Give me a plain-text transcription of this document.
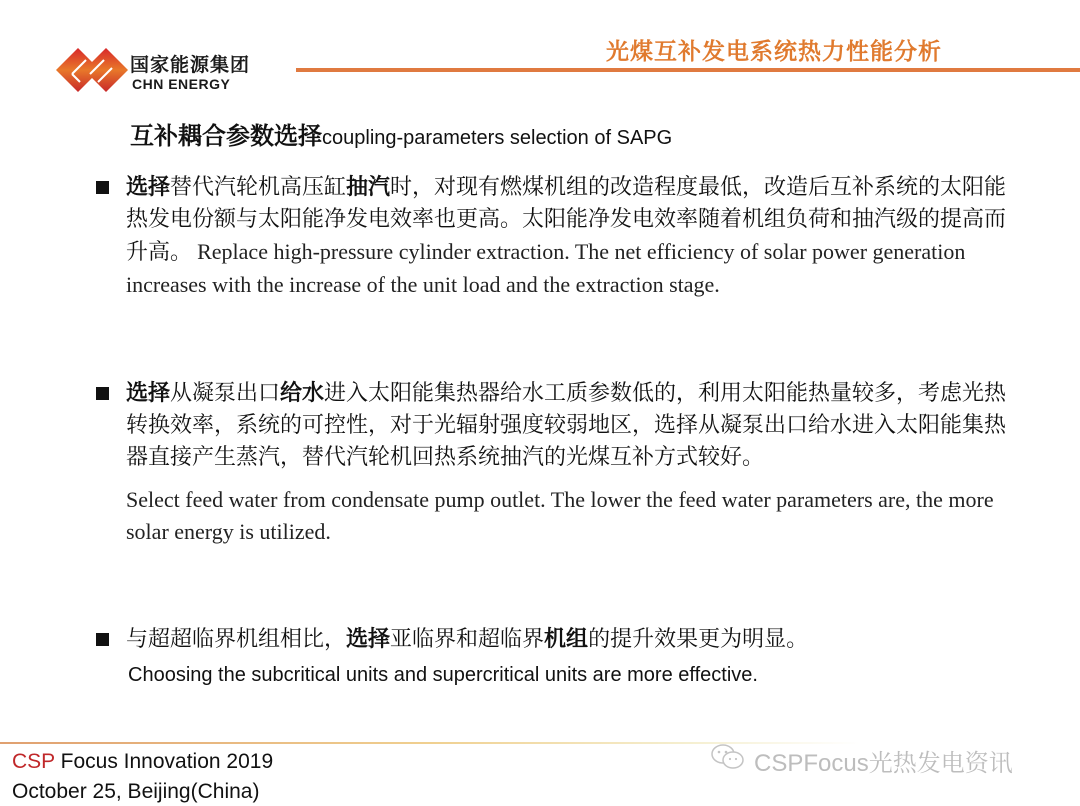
国家能源集团
CHN ENERGY
光煤互补发电系统热力性能分析
互补耦合参数选择coupling-parameters selection of SAPG
选择替代汽轮机高压缸抽汽时，对现有燃煤机组的改造程度最低，改造后互补系统的太阳能热发电份额与太阳能净发电效率也更高。太阳能净发电效率随着机组负荷和抽汽级的提高而升高。 Replace high-pressure cylinder extraction. The net efficiency of solar power generation increases with the increase of the unit load and the extraction stage.
选择从凝泵出口给水进入太阳能集热器给水工质参数低的，利用太阳能热量较多，考虑光热转换效率，系统的可控性，对于光辐射强度较弱地区，选择从凝泵出口给水进入太阳能集热器直接产生蒸汽，替代汽轮机回热系统抽汽的光煤互补方式较好。
Select feed water from condensate pump outlet. The lower the feed water parameters are, the more solar energy is utilized.
与超超临界机组相比，选择亚临界和超临界机组的提升效果更为明显。
Choosing the subcritical units and supercritical units are more effective.
CSP Focus Innovation 2019
October 25, Beijing(China)
CSPFocus光热发电资讯
